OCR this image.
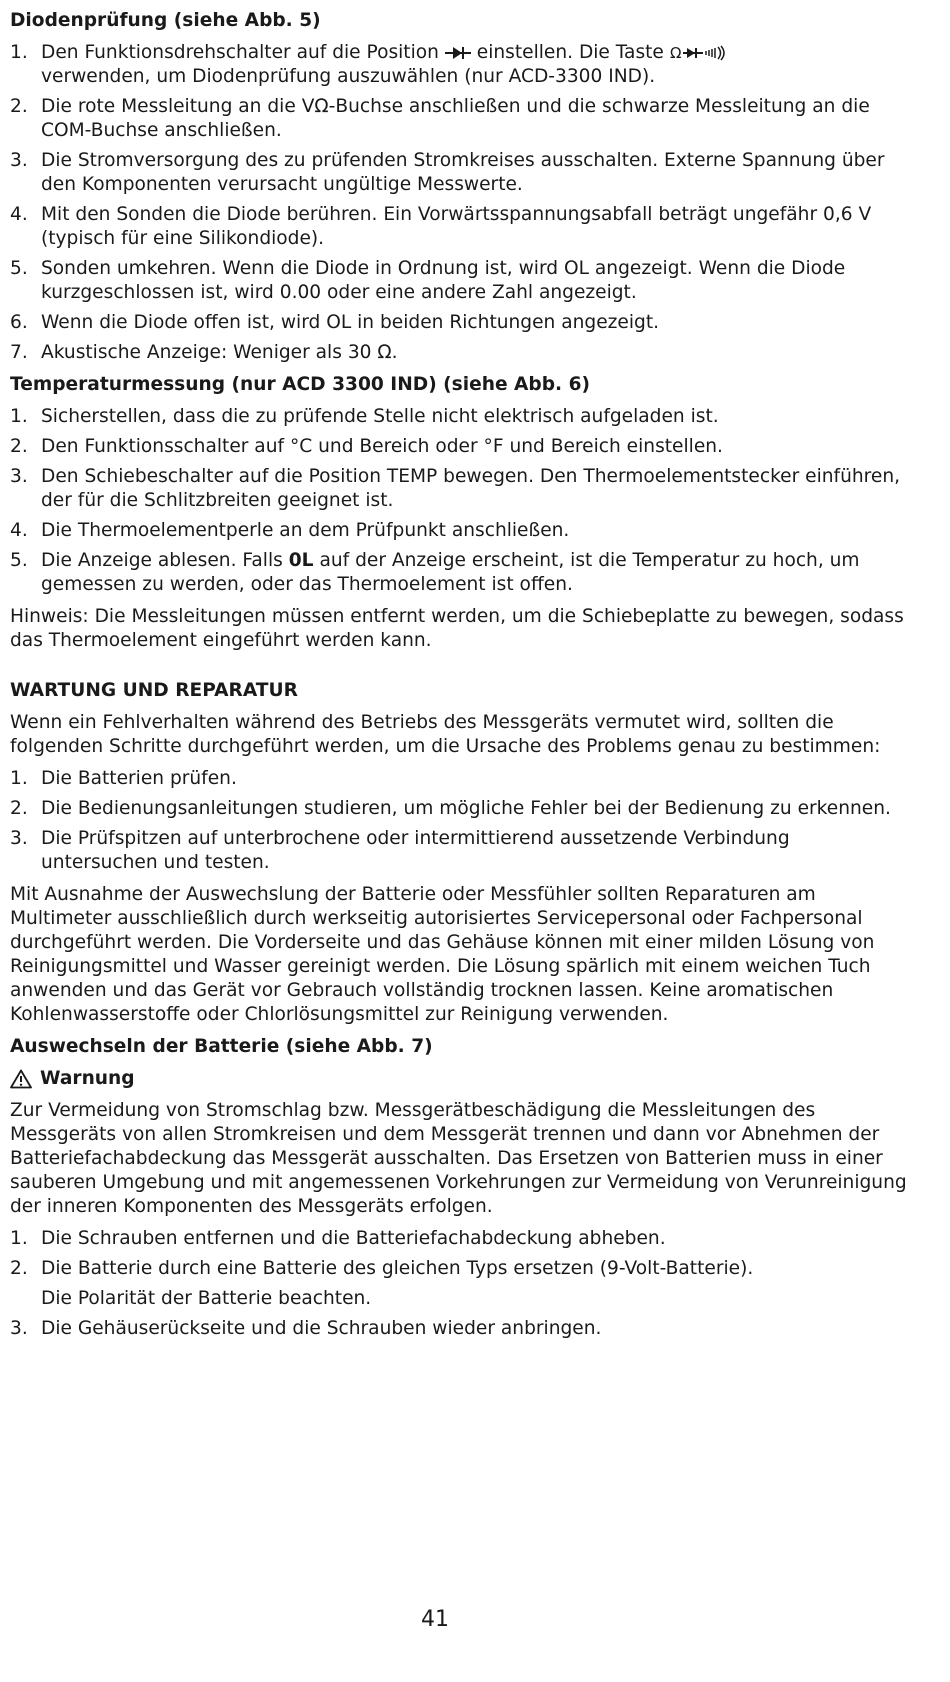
Diodenprüfung (siehe Abb. 5)
1. Den Funktionsdrehschalter auf die Position einstellen. Die Taste Ω

verwenden, um Diodenprüfung auszuwählen (nur ACD-3300 IND).
2. Die rote Messleitung an die VΩ-Buchse anschließen und die schwarze Messleitung an die COM-Buchse anschließen.
3. Die Stromversorgung des zu prüfenden Stromkreises ausschalten. Externe Spannung über den Komponenten verursacht ungültige Messwerte.
4. Mit den Sonden die Diode berühren. Ein Vorwärtsspannungsabfall beträgt ungefähr 0,6 V (typisch für eine Silikondiode).
5. Sonden umkehren. Wenn die Diode in Ordnung ist, wird OL angezeigt. Wenn die Diode kurzgeschlossen ist, wird 0.00 oder eine andere Zahl angezeigt.
6. Wenn die Diode offen ist, wird OL in beiden Richtungen angezeigt.
7. Akustische Anzeige: Weniger als 30 Ω.
Temperaturmessung (nur ACD 3300 IND) (siehe Abb. 6)
1. Sicherstellen, dass die zu prüfende Stelle nicht elektrisch aufgeladen ist.
2. Den Funktionsschalter auf °C und Bereich oder °F und Bereich einstellen.
3. Den Schiebeschalter auf die Position TEMP bewegen. Den Thermoelementstecker einführen, der für die Schlitzbreiten geeignet ist.
4. Die Thermoelementperle an dem Prüfpunkt anschließen.
5. Die Anzeige ablesen. Falls 0L auf der Anzeige erscheint, ist die Temperatur zu hoch, um gemessen zu werden, oder das Thermoelement ist offen.

Hinweis: Die Messleitungen müssen entfernt werden, um die Schiebeplatte zu bewegen, sodass das Thermoelement eingeführt werden kann.

WARTUNG UND REPARATUR

Wenn ein Fehlverhalten während des Betriebs des Messgeräts vermutet wird, sollten die folgenden Schritte durchgeführt werden, um die Ursache des Problems genau zu bestimmen:

1. Die Batterien prüfen.
2. Die Bedienungsanleitungen studieren, um mögliche Fehler bei der Bedienung zu erkennen.
3. Die Prüfspitzen auf unterbrochene oder intermittierend aussetzende Verbindung untersuchen und testen.

Mit Ausnahme der Auswechslung der Batterie oder Messfühler sollten Reparaturen am Multimeter ausschließlich durch werkseitig autorisiertes Servicepersonal oder Fachpersonal durchgeführt werden. Die Vorderseite und das Gehäuse können mit einer milden Lösung von Reinigungsmittel und Wasser gereinigt werden. Die Lösung spärlich mit einem weichen Tuch anwenden und das Gerät vor Gebrauch vollständig trocknen lassen. Keine aromatischen Kohlenwasserstoffe oder Chlorlösungsmittel zur Reinigung verwenden.

Auswechseln der Batterie (siehe Abb. 7)
Warnung

Zur Vermeidung von Stromschlag bzw. Messgerätbeschädigung die Messleitungen des Messgeräts von allen Stromkreisen und dem Messgerät trennen und dann vor Abnehmen der Batteriefachabdeckung das Messgerät ausschalten. Das Ersetzen von Batterien muss in einer sauberen Umgebung und mit angemessenen Vorkehrungen zur Vermeidung von Verunreinigung der inneren Komponenten des Messgeräts erfolgen.

1. Die Schrauben entfernen und die Batteriefachabdeckung abheben.
2. Die Batterie durch eine Batterie des gleichen Typs ersetzen (9-Volt-Batterie).
Die Polarität der Batterie beachten.
3. Die Gehäuserückseite und die Schrauben wieder anbringen.
41
